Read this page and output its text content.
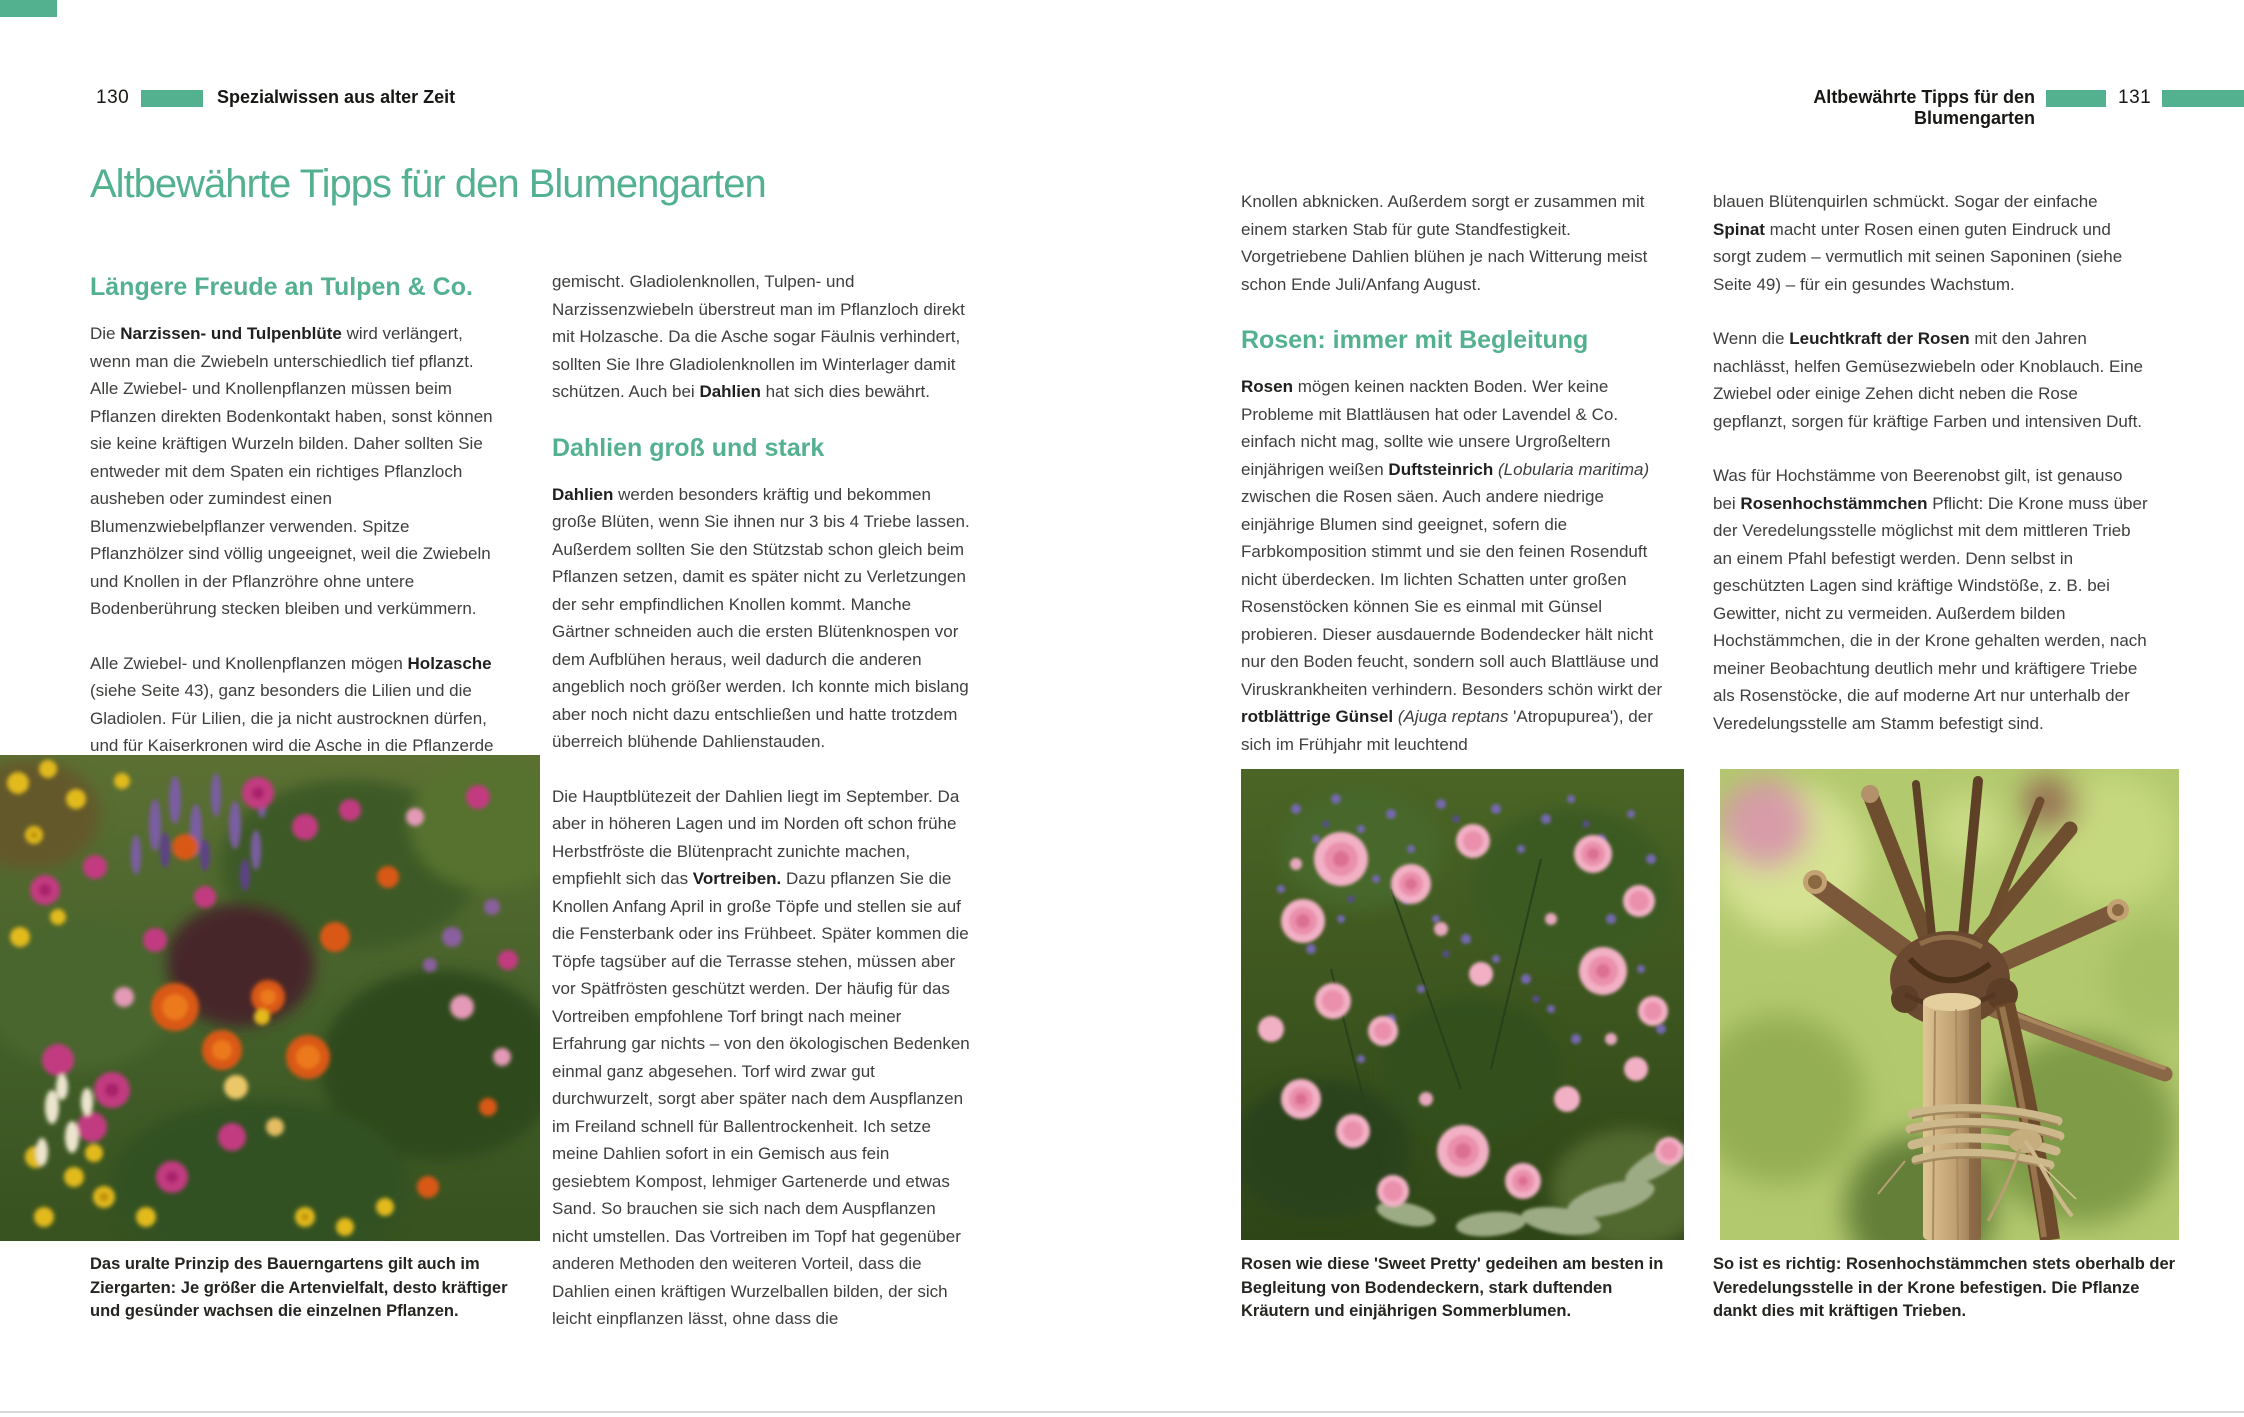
130	Spezialwissen aus alter Zeit	Altbewährte Tipps für den Blumengarten
131
Altbewährte Tipps für den Blumengarten
Längere Freude an Tulpen & Co.

Die Narzissen- und Tulpenblüte wird verlängert, wenn man die Zwiebeln unterschiedlich tief pflanzt. Alle Zwiebel- und Knollenpflanzen müssen beim Pflanzen direkten Bodenkontakt haben, sonst können sie keine kräftigen Wurzeln bilden. Daher sollten Sie entweder mit dem Spaten ein richtiges Pflanzloch ausheben oder zumindest einen Blumenzwiebelpflanzer verwenden. Spitze Pflanzhölzer sind völlig ungeeignet, weil die Zwiebeln und Knollen in der Pflanzröhre ohne untere Bodenberührung stecken bleiben und verkümmern.

Alle Zwiebel- und Knollenpflanzen mögen Holzasche (siehe Seite 43), ganz besonders die Lilien und die Gladiolen. Für Lilien, die ja nicht austrocknen dürfen, und für Kaiserkronen wird die Asche in die Pflanzerde

gemischt. Gladiolenknollen, Tulpen- und Narzissenzwiebeln überstreut man im Pflanzloch direkt mit Holzasche. Da die Asche sogar Fäulnis verhindert, sollten Sie Ihre Gladiolenknollen im Winterlager damit schützen. Auch bei Dahlien hat sich dies bewährt.

Dahlien groß und stark

Dahlien werden besonders kräftig und bekommen große Blüten, wenn Sie ihnen nur 3 bis 4 Triebe lassen. Außerdem sollten Sie den Stützstab schon gleich beim Pflanzen setzen, damit es später nicht zu Verletzungen der sehr empfindlichen Knollen kommt. Manche Gärtner schneiden auch die ersten Blütenknospen vor dem Aufblühen heraus, weil dadurch die anderen angeblich noch größer werden. Ich konnte mich bislang aber noch nicht dazu entschließen und hatte trotzdem überreich blühende Dahlienstauden.

Die Hauptblütezeit der Dahlien liegt im September. Da aber in höheren Lagen und im Norden oft schon frühe Herbstfröste die Blütenpracht zunichte machen, empfiehlt sich das Vortreiben. Dazu pflanzen Sie die Knollen Anfang April in große Töpfe und stellen sie auf die Fensterbank oder ins Frühbeet. Später kommen die Töpfe tagsüber auf die Terrasse stehen, müssen aber vor Spätfrösten geschützt werden. Der häufig für das Vortreiben empfohlene Torf bringt nach meiner Erfahrung gar nichts – von den ökologischen Bedenken einmal ganz abgesehen. Torf wird zwar gut durchwurzelt, sorgt aber später nach dem Auspflanzen im Freiland schnell für Ballentrockenheit. Ich setze meine Dahlien sofort in ein Gemisch aus fein gesiebtem Kompost, lehmiger Gartenerde und etwas Sand. So brauchen sie sich nach dem Auspflanzen nicht umstellen. Das Vortreiben im Topf hat gegenüber anderen Methoden den weiteren Vorteil, dass die Dahlien einen kräftigen Wurzelballen bilden, der sich leicht einpflanzen lässt, ohne dass die

Knollen abknicken. Außerdem sorgt er zusammen mit einem starken Stab für gute Standfestigkeit. Vorgetriebene Dahlien blühen je nach Witterung meist schon Ende Juli/Anfang August.

Rosen: immer mit Begleitung

Rosen mögen keinen nackten Boden. Wer keine Probleme mit Blattläusen hat oder Lavendel & Co. einfach nicht mag, sollte wie unsere Urgroßeltern einjährigen weißen Duftsteinrich (Lobularia maritima) zwischen die Rosen säen. Auch andere niedrige einjährige Blumen sind geeignet, sofern die Farbkomposition stimmt und sie den feinen Rosenduft nicht überdecken. Im lichten Schatten unter großen Rosenstöcken können Sie es einmal mit Günsel probieren. Dieser ausdauernde Bodendecker hält nicht nur den Boden feucht, sondern soll auch Blattläuse und Viruskrankheiten verhindern. Besonders schön wirkt der rotblättrige Günsel (Ajuga reptans 'Atropupurea'), der sich im Frühjahr mit leuchtend

blauen Blütenquirlen schmückt. Sogar der einfache Spinat macht unter Rosen einen guten Eindruck und sorgt zudem – vermutlich mit seinen Saponinen (siehe Seite 49) – für ein gesundes Wachstum.

Wenn die Leuchtkraft der Rosen mit den Jahren nachlässt, helfen Gemüsezwiebeln oder Knoblauch. Eine Zwiebel oder einige Zehen dicht neben die Rose gepflanzt, sorgen für kräftige Farben und intensiven Duft.

Was für Hochstämme von Beerenobst gilt, ist genauso bei Rosenhochstämmchen Pflicht: Die Krone muss über der Veredelungsstelle möglichst mit dem mittleren Trieb an einem Pfahl befestigt werden. Denn selbst in geschützten Lagen sind kräftige Windstöße, z. B. bei Gewitter, nicht zu vermeiden. Außerdem bilden Hochstämmchen, die in der Krone gehalten werden, nach meiner Beobachtung deutlich mehr und kräftigere Triebe als Rosenstöcke, die auf moderne Art nur unterhalb der Veredelungsstelle am Stamm befestigt sind.

Das uralte Prinzip des Bauerngartens gilt auch im Ziergarten: Je größer die Artenvielfalt, desto kräftiger und gesünder wachsen die einzelnen Pflanzen.

Rosen wie diese 'Sweet Pretty' gedeihen am besten in Begleitung von Bodendeckern, stark duftenden Kräutern und einjährigen Sommerblumen.

So ist es richtig: Rosenhochstämmchen stets oberhalb der Veredelungsstelle in der Krone befestigen. Die Pflanze dankt dies mit kräftigen Trieben.
